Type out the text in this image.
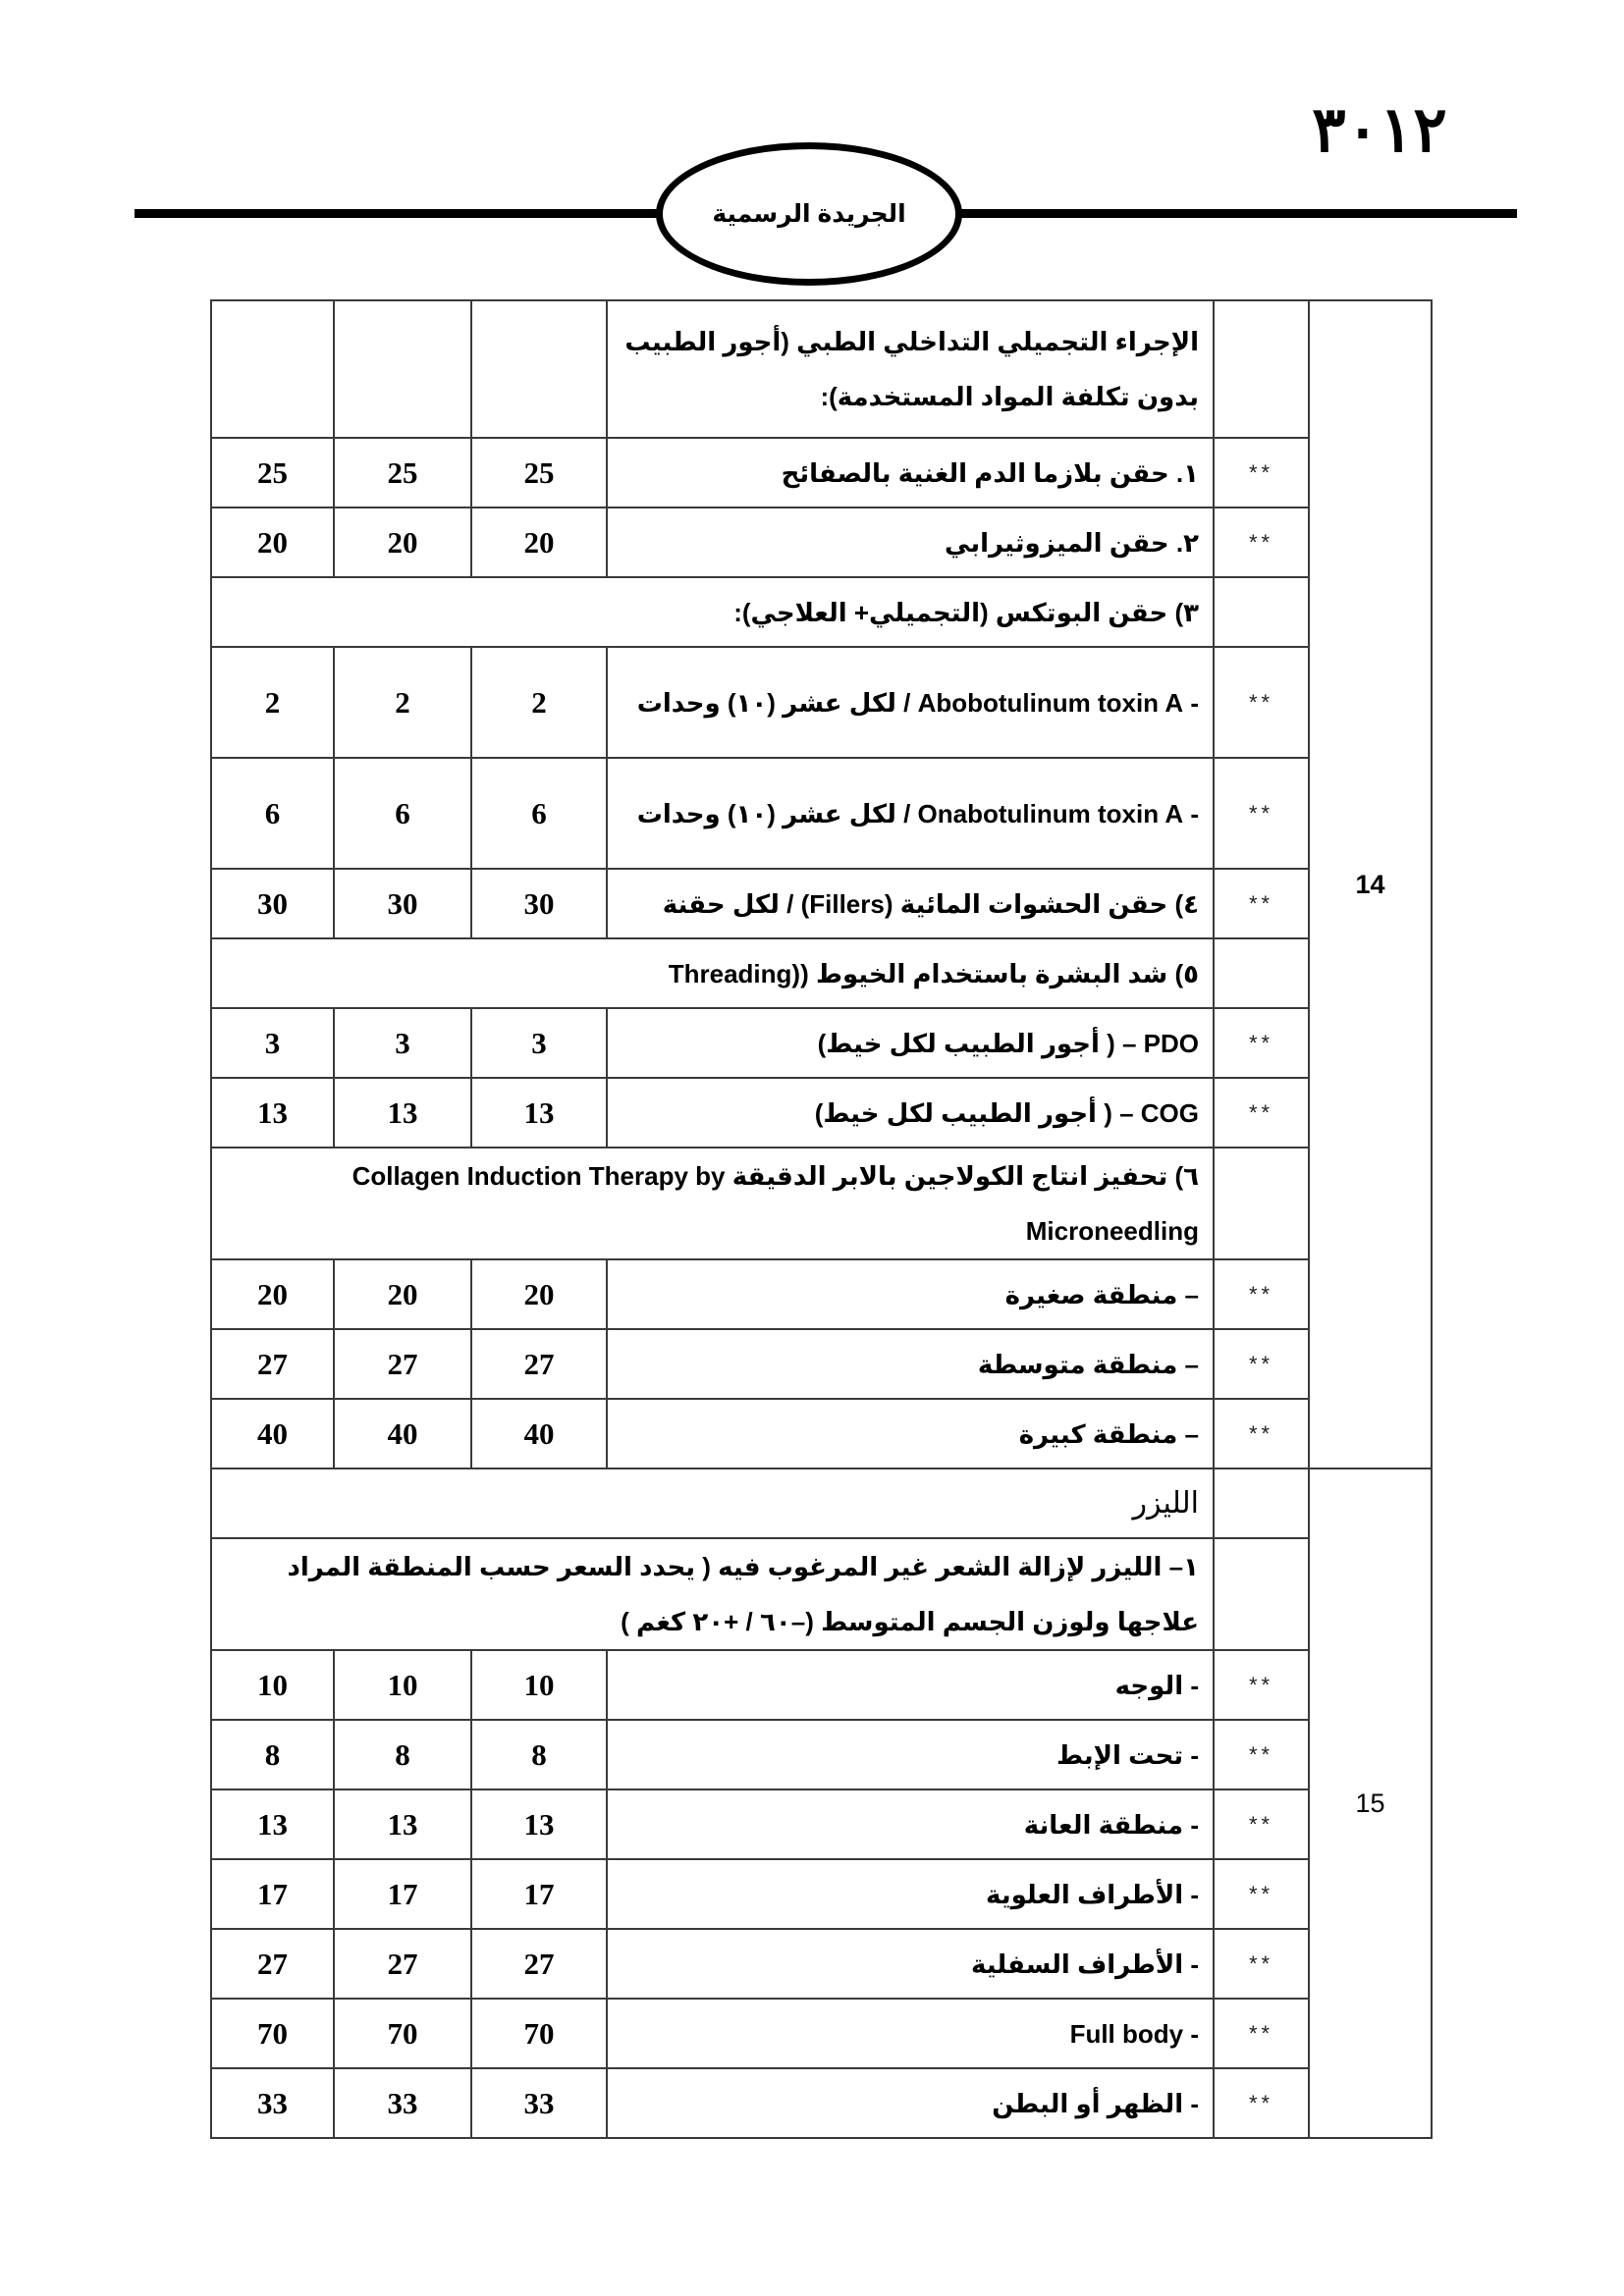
٣٠١٢
الجريدة الرسمية
			الإجراء التجميلي التداخلي الطبي (أجور الطبيب بدون تكلفة المواد المستخدمة):		14
25	25	25	١. حقن بلازما الدم الغنية بالصفائح	**	
20	20	20	٢. حقن الميزوثيرابي	**	
٣) حقن البوتكس (التجميلي+ العلاجي):					
2	2	2	- Abobotulinum toxin A / لكل عشر (١٠) وحدات	**	
6	6	6	- Onabotulinum toxin A / لكل عشر (١٠) وحدات	**	
30	30	30	٤) حقن الحشوات المائية (Fillers) / لكل حقنة	**	
٥) شد البشرة باستخدام الخيوط ((Threading					
3	3	3	PDO – ( أجور الطبيب لكل خيط)	**	
13	13	13	COG – ( أجور الطبيب لكل خيط)	**	
٦) تحفيز انتاج الكولاجين بالابر الدقيقة Collagen Induction Therapy by Microneedling					
20	20	20	– منطقة صغيرة	**	
27	27	27	– منطقة متوسطة	**	
40	40	40	– منطقة كبيرة	**	
الليزر					15
١– الليزر لإزالة الشعر غير المرغوب فيه ( يحدد السعر حسب المنطقة المراد علاجها ولوزن الجسم المتوسط (–٦٠ / +٢٠ كغم )					
10	10	10	- الوجه	**	
8	8	8	- تحت الإبط	**	
13	13	13	- منطقة العانة	**	
17	17	17	- الأطراف العلوية	**	
27	27	27	- الأطراف السفلية	**	
70	70	70	- Full body	**	
33	33	33	- الظهر أو البطن	**	
